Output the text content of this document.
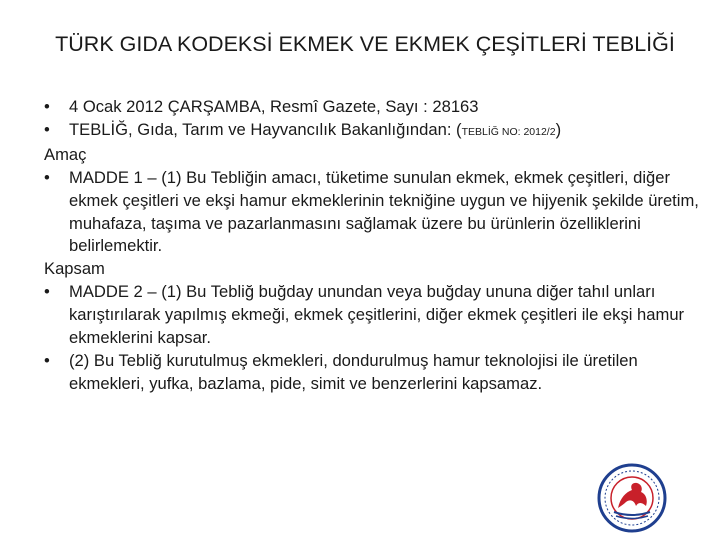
TÜRK GIDA KODEKSİ EKMEK VE EKMEK ÇEŞİTLERİ TEBLİĞİ
• 4 Ocak 2012 ÇARŞAMBA, Resmî Gazete, Sayı : 28163
• TEBLİĞ, Gıda, Tarım ve Hayvancılık Bakanlığından: (TEBLİĞ NO: 2012/2)
Amaç
• MADDE 1 – (1) Bu Tebliğin amacı, tüketime sunulan ekmek, ekmek çeşitleri, diğer ekmek çeşitleri ve ekşi hamur ekmeklerinin tekniğine uygun ve hijyenik şekilde üretim, muhafaza, taşıma ve pazarlanmasını sağlamak üzere bu ürünlerin özelliklerini belirlemektir.
Kapsam
• MADDE 2 – (1) Bu Tebliğ buğday unundan veya buğday ununa diğer tahıl unları karıştırılarak yapılmış ekmeği, ekmek çeşitlerini, diğer ekmek çeşitleri ile ekşi hamur ekmeklerini kapsar.
• (2) Bu Tebliğ kurutulmuş ekmekleri, dondurulmuş hamur teknolojisi ile üretilen ekmekleri, yufka, bazlama, pide, simit ve benzerlerini kapsamaz.
